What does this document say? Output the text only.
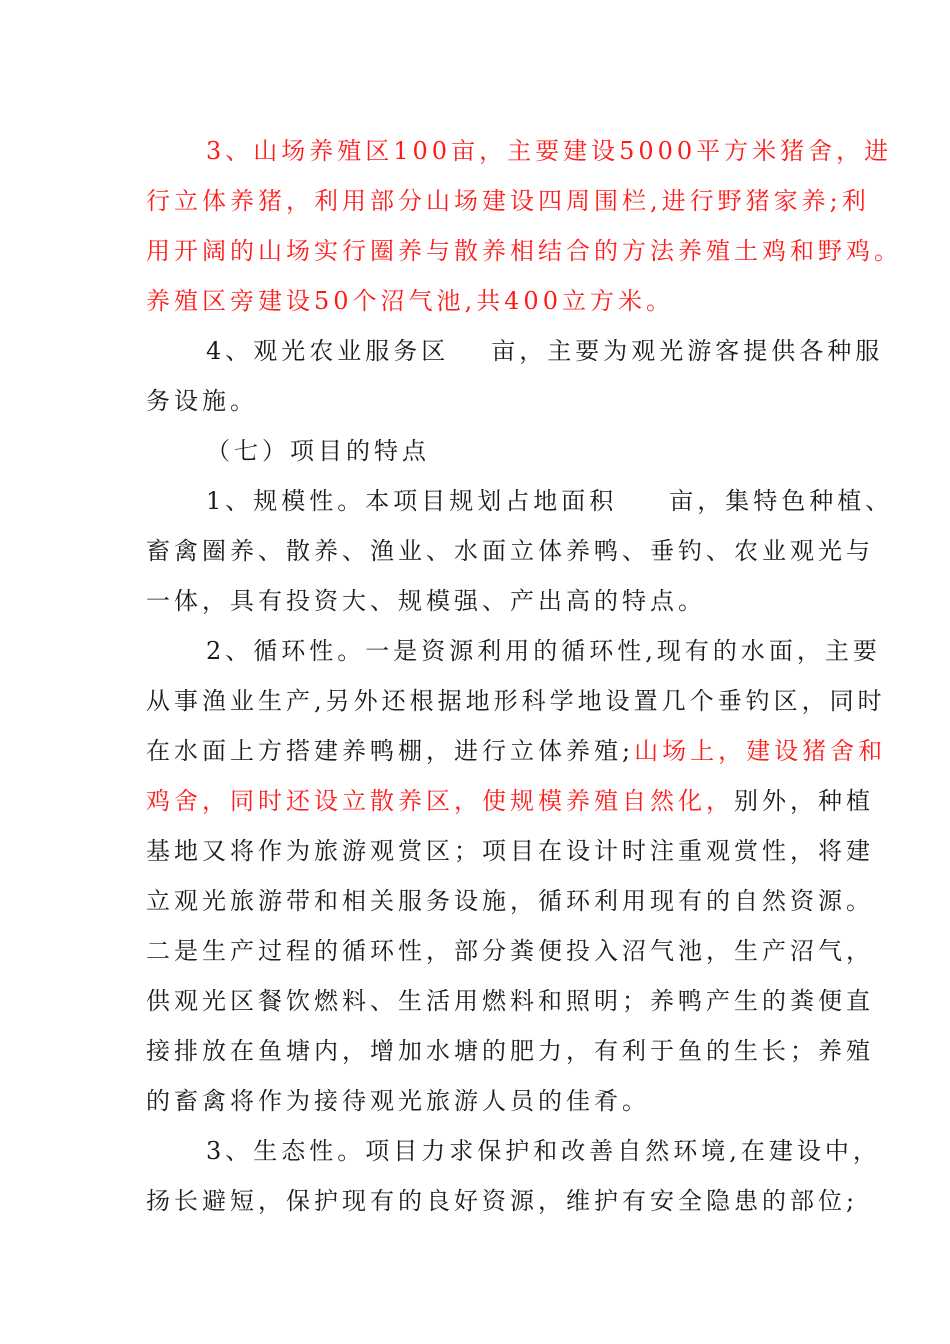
3、山场养殖区100亩，主要建设5000平方米猪舍，进
行立体养猪，利用部分山场建设四周围栏,进行野猪家养;利
用开阔的山场实行圈养与散养相结合的方法养殖土鸡和野鸡。
养殖区旁建设50个沼气池,共400立方米。
4、观光农业服务区 亩，主要为观光游客提供各种服
务设施。
（七）项目的特点
1、规模性。本项目规划占地面积 亩，集特色种植、
畜禽圈养、散养、渔业、水面立体养鸭、垂钓、农业观光与
一体，具有投资大、规模强、产出高的特点。
2、循环性。一是资源利用的循环性,现有的水面，主要
从事渔业生产,另外还根据地形科学地设置几个垂钓区，同时
在水面上方搭建养鸭棚，进行立体养殖;山场上，建设猪舍和
鸡舍，同时还设立散养区，使规模养殖自然化，别外，种植
基地又将作为旅游观赏区；项目在设计时注重观赏性，将建
立观光旅游带和相关服务设施，循环利用现有的自然资源。
二是生产过程的循环性，部分粪便投入沼气池，生产沼气，
供观光区餐饮燃料、生活用燃料和照明；养鸭产生的粪便直
接排放在鱼塘内，增加水塘的肥力，有利于鱼的生长；养殖
的畜禽将作为接待观光旅游人员的佳肴。
3、生态性。项目力求保护和改善自然环境,在建设中，
扬长避短，保护现有的良好资源，维护有安全隐患的部位;
